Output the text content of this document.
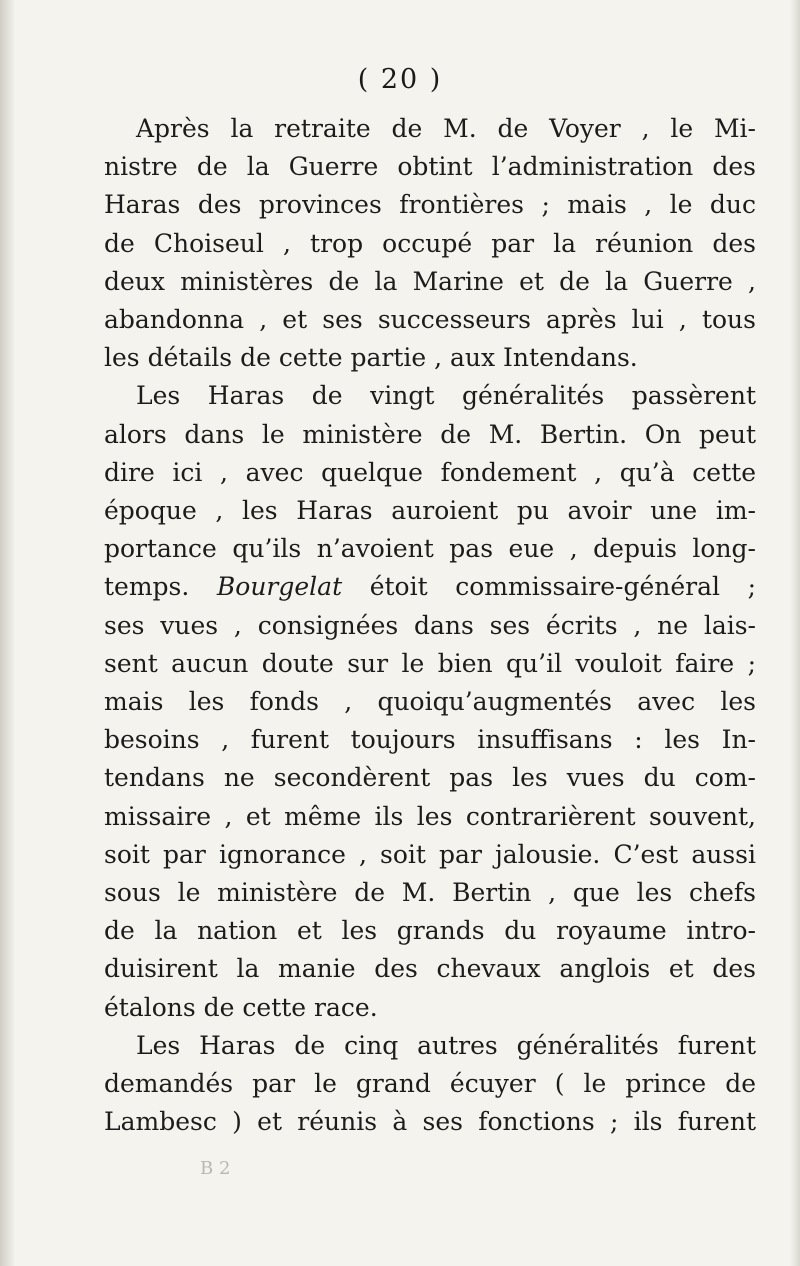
( 20 )
Après la retraite de M. de Voyer , le Mi-
nistre de la Guerre obtint l’administration des
Haras des provinces frontières ; mais , le duc
de Choiseul , trop occupé par la réunion des
deux ministères de la Marine et de la Guerre ,
abandonna , et ses successeurs après lui , tous
les détails de cette partie , aux Intendans.
Les Haras de vingt généralités passèrent
alors dans le ministère de M. Bertin. On peut
dire ici , avec quelque fondement , qu’à cette
époque , les Haras auroient pu avoir une im-
portance qu’ils n’avoient pas eue , depuis long-
temps. Bourgelat étoit commissaire-général ;
ses vues , consignées dans ses écrits , ne lais-
sent aucun doute sur le bien qu’il vouloit faire ;
mais les fonds , quoiqu’augmentés avec les
besoins , furent toujours insuffisans : les In-
tendans ne secondèrent pas les vues du com-
missaire , et même ils les contrarièrent souvent,
soit par ignorance , soit par jalousie. C’est aussi
sous le ministère de M. Bertin , que les chefs
de la nation et les grands du royaume intro-
duisirent la manie des chevaux anglois et des
étalons de cette race.
Les Haras de cinq autres généralités furent
demandés par le grand écuyer ( le prince de
Lambesc ) et réunis à ses fonctions ; ils furent
B 2
